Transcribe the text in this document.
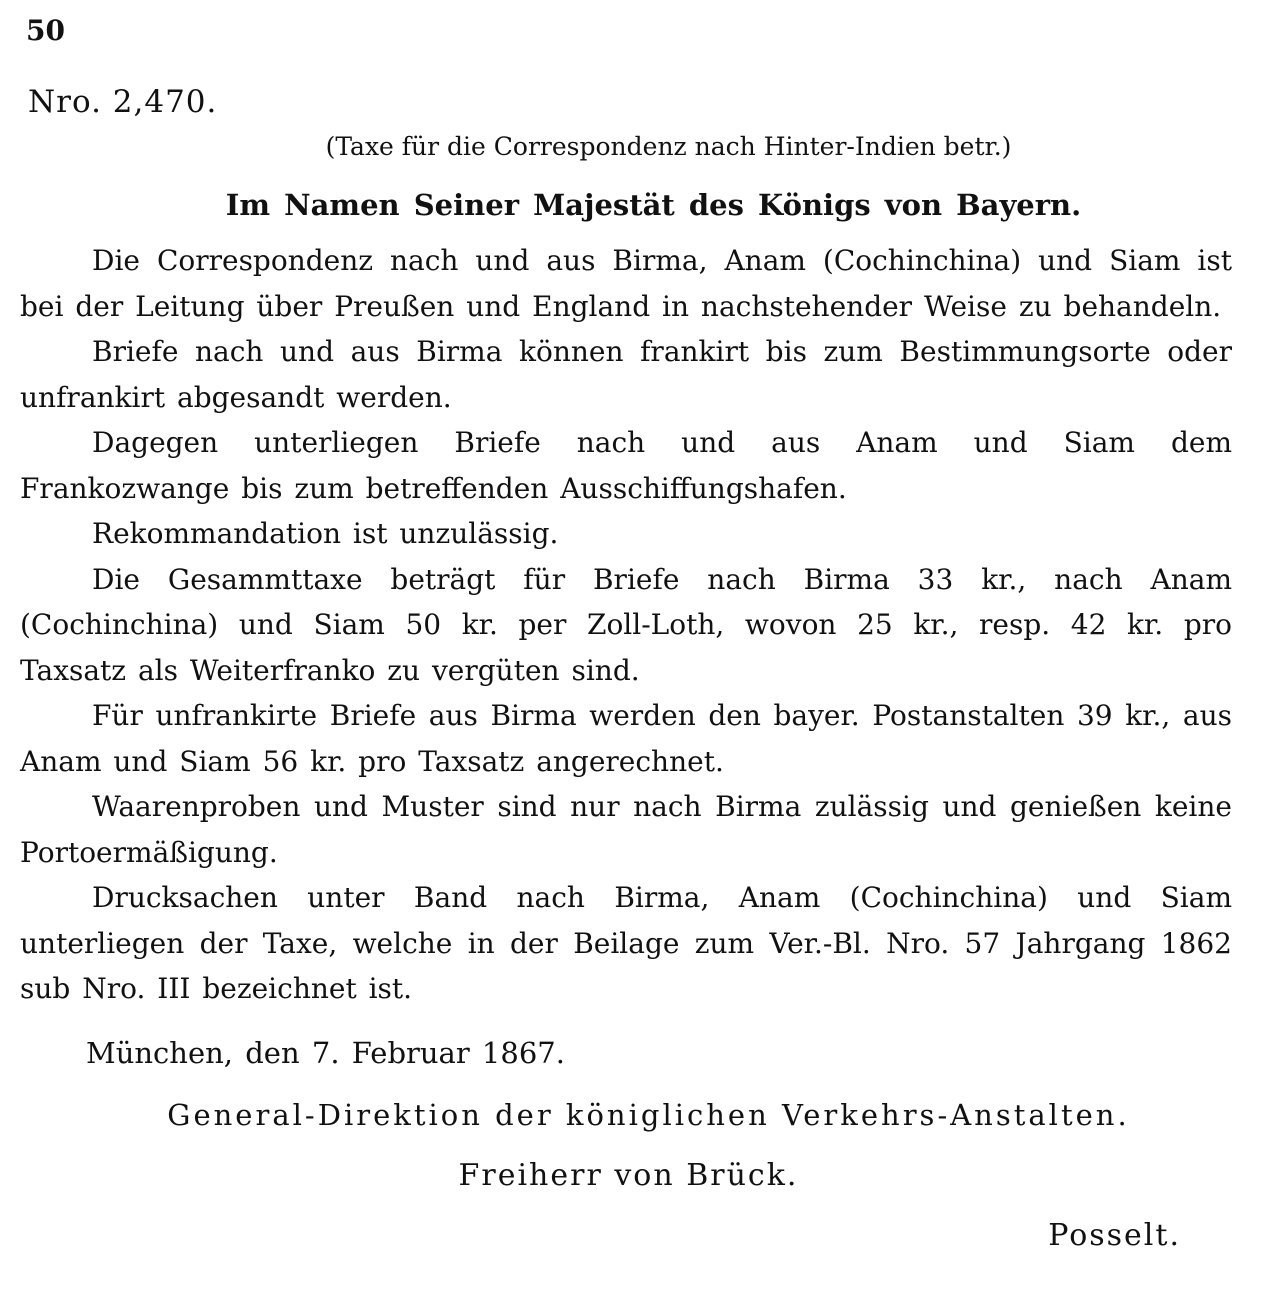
50
Nro. 2,470.
(Taxe für die Correspondenz nach Hinter-Indien betr.)
Im Namen Seiner Majestät des Königs von Bayern.

Die Correspondenz nach und aus Birma, Anam (Cochinchina) und Siam ist bei der Leitung über Preußen und England in nachstehender Weise zu behandeln.

Briefe nach und aus Birma können frankirt bis zum Bestimmungsorte oder unfrankirt abgesandt werden.

Dagegen unterliegen Briefe nach und aus Anam und Siam dem Frankozwange bis zum betreffenden Ausschiffungshafen.

Rekommandation ist unzulässig.

Die Gesammttaxe beträgt für Briefe nach Birma 33 kr., nach Anam (Cochinchina) und Siam 50 kr. per Zoll-Loth, wovon 25 kr., resp. 42 kr. pro Taxsatz als Weiterfranko zu vergüten sind.

Für unfrankirte Briefe aus Birma werden den bayer. Postanstalten 39 kr., aus Anam und Siam 56 kr. pro Taxsatz angerechnet.

Waarenproben und Muster sind nur nach Birma zulässig und genießen keine Portoermäßigung.

Drucksachen unter Band nach Birma, Anam (Cochinchina) und Siam unterliegen der Taxe, welche in der Beilage zum Ver.-Bl. Nro. 57 Jahrgang 1862 sub Nro. III bezeichnet ist.

München, den 7. Februar 1867.
General-Direktion der königlichen Verkehrs-Anstalten.
Freiherr von Brück.
Posselt.
